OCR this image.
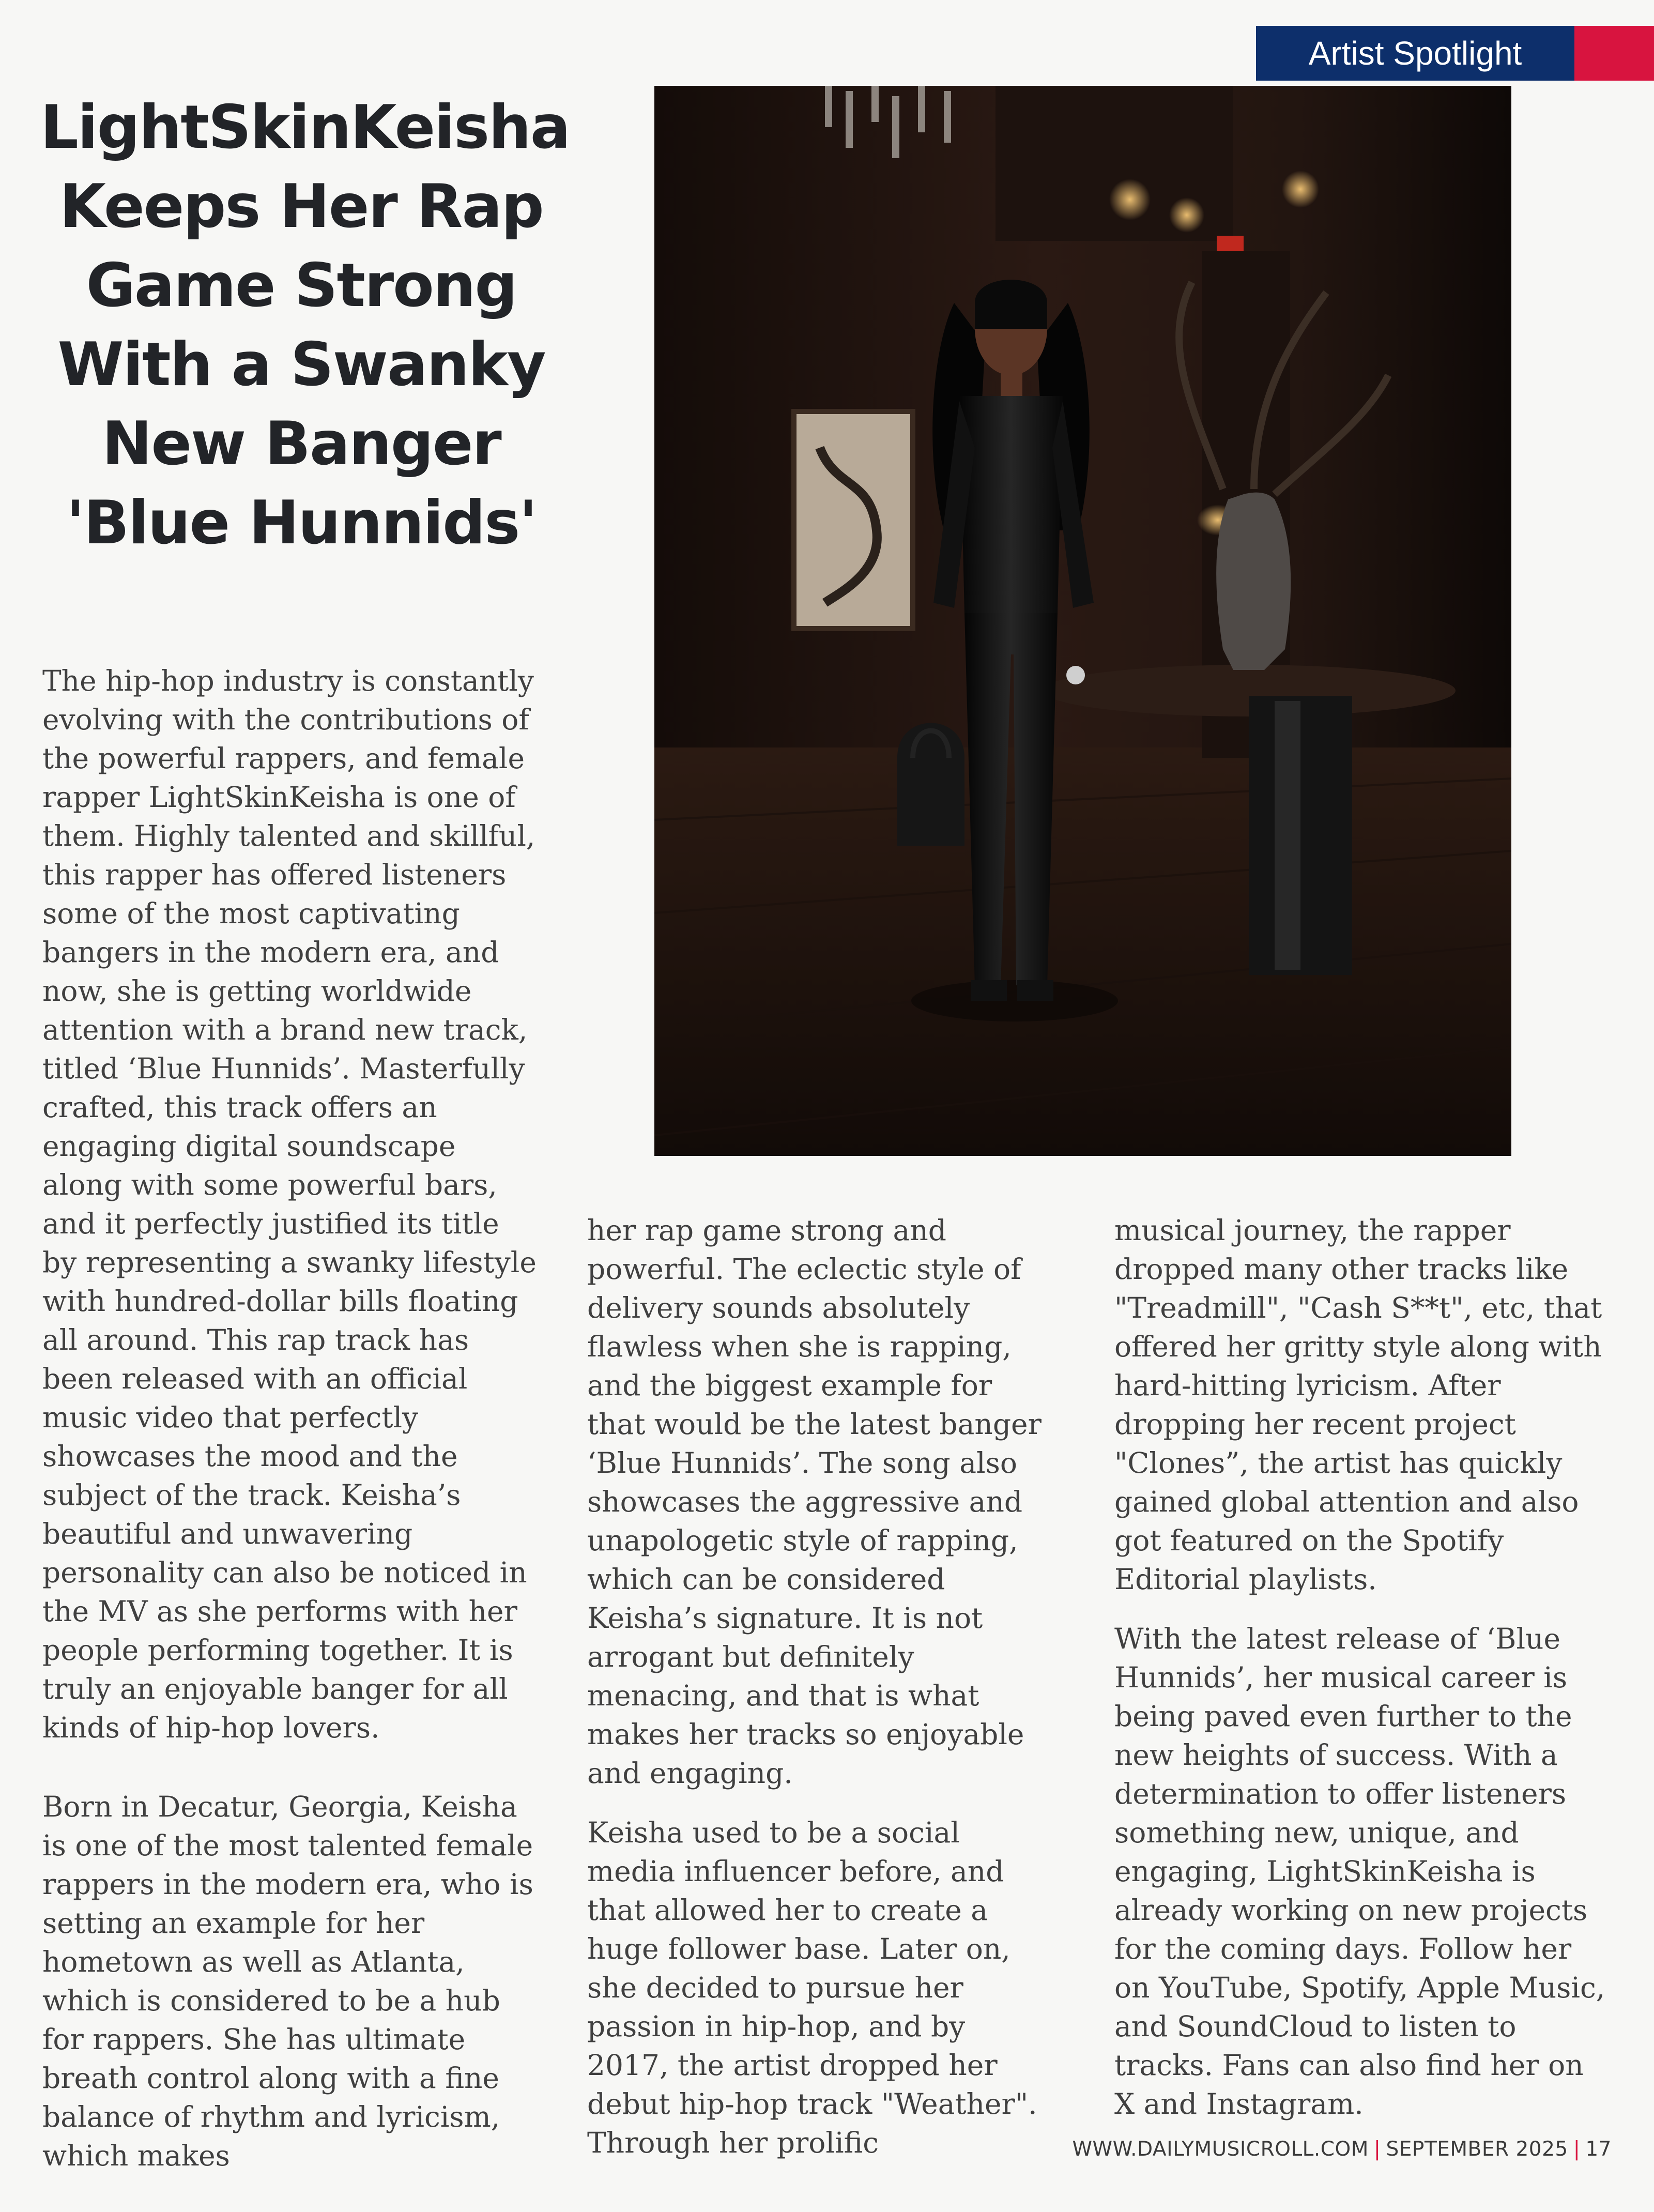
Artist Spotlight
LightSkinKeisha Keeps Her Rap Game Strong With a Swanky New Banger 'Blue Hunnids'

The hip-hop industry is constantly evolving with the contributions of the powerful rappers, and female rapper LightSkinKeisha is one of them. Highly talented and skillful, this rapper has offered listeners some of the most captivating bangers in the modern era, and now, she is getting worldwide attention with a brand new track, titled ‘Blue Hunnids’. Masterfully crafted, this track offers an engaging digital soundscape along with some powerful bars, and it perfectly justified its title by representing a swanky lifestyle with hundred-dollar bills floating all around. This rap track has been released with an official music video that perfectly showcases the mood and the subject of the track. Keisha’s beautiful and unwavering personality can also be noticed in the MV as she performs with her people performing together. It is truly an enjoyable banger for all kinds of hip-hop lovers.

Born in Decatur, Georgia, Keisha is one of the most talented female rappers in the modern era, who is setting an example for her hometown as well as Atlanta, which is considered to be a hub for rappers. She has ultimate breath control along with a fine balance of rhythm and lyricism, which makes

her rap game strong and powerful. The eclectic style of delivery sounds absolutely flawless when she is rapping, and the biggest example for that would be the latest banger ‘Blue Hunnids’. The song also showcases the aggressive and unapologetic style of rapping, which can be considered Keisha’s signature. It is not arrogant but definitely menacing, and that is what makes her tracks so enjoyable and engaging.

Keisha used to be a social media influencer before, and that allowed her to create a huge follower base. Later on, she decided to pursue her passion in hip-hop, and by 2017, the artist dropped her debut hip-hop track "Weather". Through her prolific

musical journey, the rapper dropped many other tracks like "Treadmill", "Cash S**t", etc, that offered her gritty style along with hard-hitting lyricism. After dropping her recent project "Clones”, the artist has quickly gained global attention and also got featured on the Spotify Editorial playlists.

With the latest release of ‘Blue Hunnids’, her musical career is being paved even further to the new heights of success. With a determination to offer listeners something new, unique, and engaging, LightSkinKeisha is already working on new projects for the coming days. Follow her on YouTube, Spotify, Apple Music, and SoundCloud to listen to tracks. Fans can also find her on X and Instagram.

WWW.DAILYMUSICROLL.COM | SEPTEMBER 2025 | 17
